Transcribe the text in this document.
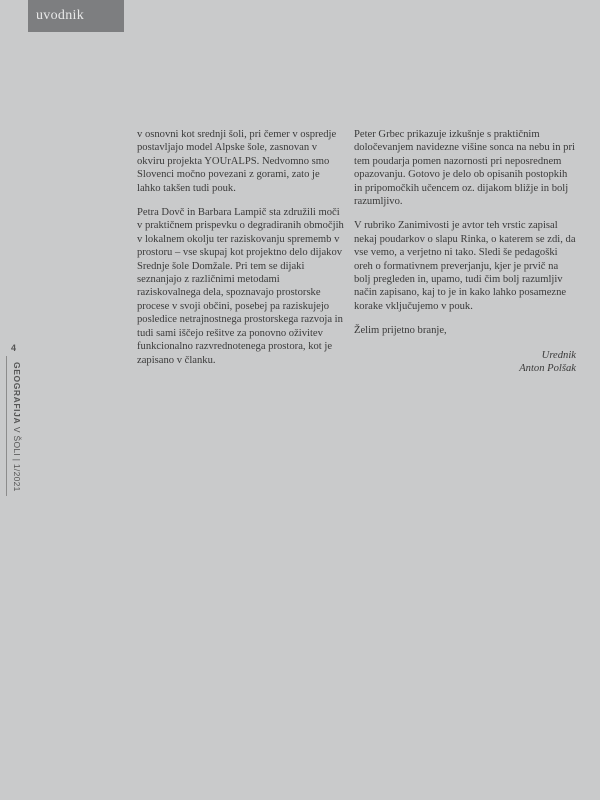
uvodnik
4
GEOGRAFIJA V ŠOLI | 1/2021

v osnovni kot srednji šoli, pri čemer v ospredje postavljajo model Alpske šole, zasnovan v okviru projekta YOUrALPS. Nedvomno smo Slovenci močno povezani z gorami, zato je lahko takšen tudi pouk.

Petra Dovč in Barbara Lampič sta združili moči v praktičnem prispevku o degradiranih območjih v lokalnem okolju ter raziskovanju sprememb v prostoru – vse skupaj kot projektno delo dijakov Srednje šole Domžale. Pri tem se dijaki seznanjajo z različnimi metodami raziskovalnega dela, spoznavajo prostorske procese v svoji občini, posebej pa raziskujejo posledice netrajnostnega prostorskega razvoja in tudi sami iščejo rešitve za ponovno oživitev funkcionalno razvrednotenega prostora, kot je zapisano v članku.

Peter Grbec prikazuje izkušnje s praktičnim določevanjem navidezne višine sonca na nebu in pri tem poudarja pomen nazornosti pri neposrednem opazovanju. Gotovo je delo ob opisanih postopkih in pripomočkih učencem oz. dijakom bližje in bolj razumljivo.

V rubriko Zanimivosti je avtor teh vrstic zapisal nekaj poudarkov o slapu Rinka, o katerem se zdi, da vse vemo, a verjetno ni tako. Sledi še pedagoški oreh o formativnem preverjanju, kjer je prvič na bolj pregleden in, upamo, tudi čim bolj razumljiv način zapisano, kaj to je in kako lahko posamezne korake vključujemo v pouk.

Želim prijetno branje,

Urednik
Anton Polšak
